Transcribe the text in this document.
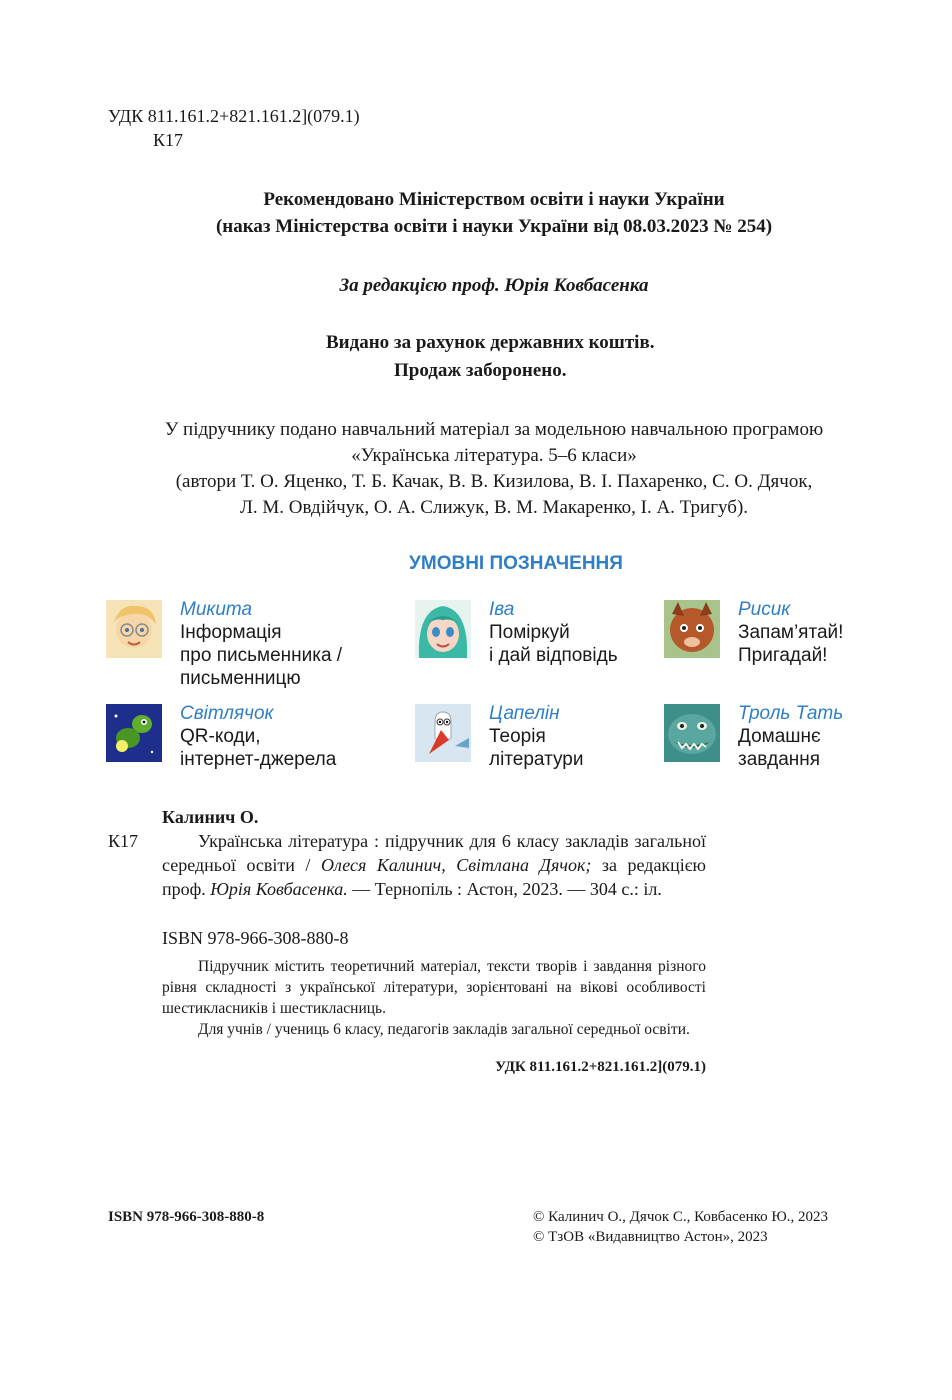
УДК 811.161.2+821.161.2](079.1)
К17
Рекомендовано Міністерством освіти і науки України
(наказ Міністерства освіти і науки України від 08.03.2023 № 254)
За редакцією проф. Юрія Ковбасенка
Видано за рахунок державних коштів.
Продаж заборонено.
У підручнику подано навчальний матеріал за модельною навчальною програмою
«Українська література. 5–6 класи»
(автори Т. О. Яценко, Т. Б. Качак, В. В. Кизилова, В. І. Пахаренко, С. О. Дячок,
Л. М. Овдійчук, О. А. Слижук, В. М. Макаренко, І. А. Тригуб).
УМОВНІ ПОЗНАЧЕННЯ
Микита
Інформація
про письменника /
письменницю
Іва
Поміркуй
і дай відповідь
Рисик
Запам’ятай!
Пригадай!
Світлячок
QR-коди,
інтернет-джерела
Цапелін
Теорія
літератури
Троль Тать
Домашнє
завдання
Калинич О.
К17	Українська література : підручник для 6 класу закладів загальної середньої освіти / Олеся Калинич, Світлана Дячок; за редакцією проф. Юрія Ковбасенка. — Тернопіль : Астон, 2023. — 304 с.: іл.
ISBN 978-966-308-880-8

Підручник містить теоретичний матеріал, тексти творів і завдання різного рівня складності з української літератури, зорієнтовані на вікові особливості шестикласників і шестикласниць.

Для учнів / учениць 6 класу, педагогів закладів загальної середньої освіти.

УДК 811.161.2+821.161.2](079.1)
ISBN 978-966-308-880-8	© Калинич О., Дячок С., Ковбасенко Ю., 2023
© ТзОВ «Видавництво Астон», 2023
